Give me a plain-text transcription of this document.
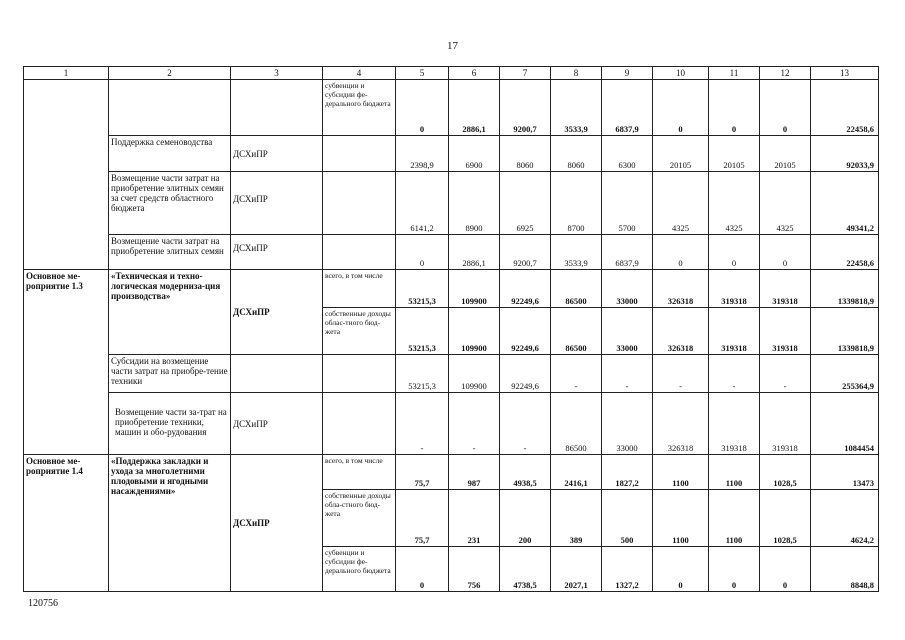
17
1	2	3	4	5	6	7	8	9	10	11	12	13
			субвенции и субсидии фе-дерального бюджета	0	2886,1	9200,7	3533,9	6837,9	0	0	0	22458,6
	Поддержка семеноводства	ДСХиПР		2398,9	6900	8060	8060	6300	20105	20105	20105	92033,9
	Возмещение части затрат на приобретение элитных семян за счет средств областного бюджета	ДСХиПР		6141,2	8900	6925	8700	5700	4325	4325	4325	49341,2
	Возмещение части затрат на приобретение элитных семян	ДСХиПР		0	2886,1	9200,7	3533,9	6837,9	0	0	0	22458,6
Основное ме-роприятие 1.3	«Техническая и техно-логическая модерниза-ция производства»	ДСХиПР	всего, в том числе	53215,3	109900	92249,6	86500	33000	326318	319318	319318	1339818,9
			собственные доходы облас-тного бюд-жета	53215,3	109900	92249,6	86500	33000	326318	319318	319318	1339818,9
	Субсидии на возмещение части затрат на приобре-тение техники			53215,3	109900	92249,6	-	-	-	-	-	255364,9
	Возмещение части за-трат на приобретение техники, машин и обо-рудования	ДСХиПР		-	-	-	86500	33000	326318	319318	319318	1084454
Основное ме-роприятие 1.4	«Поддержка закладки и ухода за многолетними плодовыми и ягодными насаждениями»	ДСХиПР	всего, в том числе	75,7	987	4938,5	2416,1	1827,2	1100	1100	1028,5	13473
			собственные доходы обла-стного бюд-жета	75,7	231	200	389	500	1100	1100	1028,5	4624,2
			субвенции и субсидии фе-дерального бюджета	0	756	4738,5	2027,1	1327,2	0	0	0	8848,8
120756
